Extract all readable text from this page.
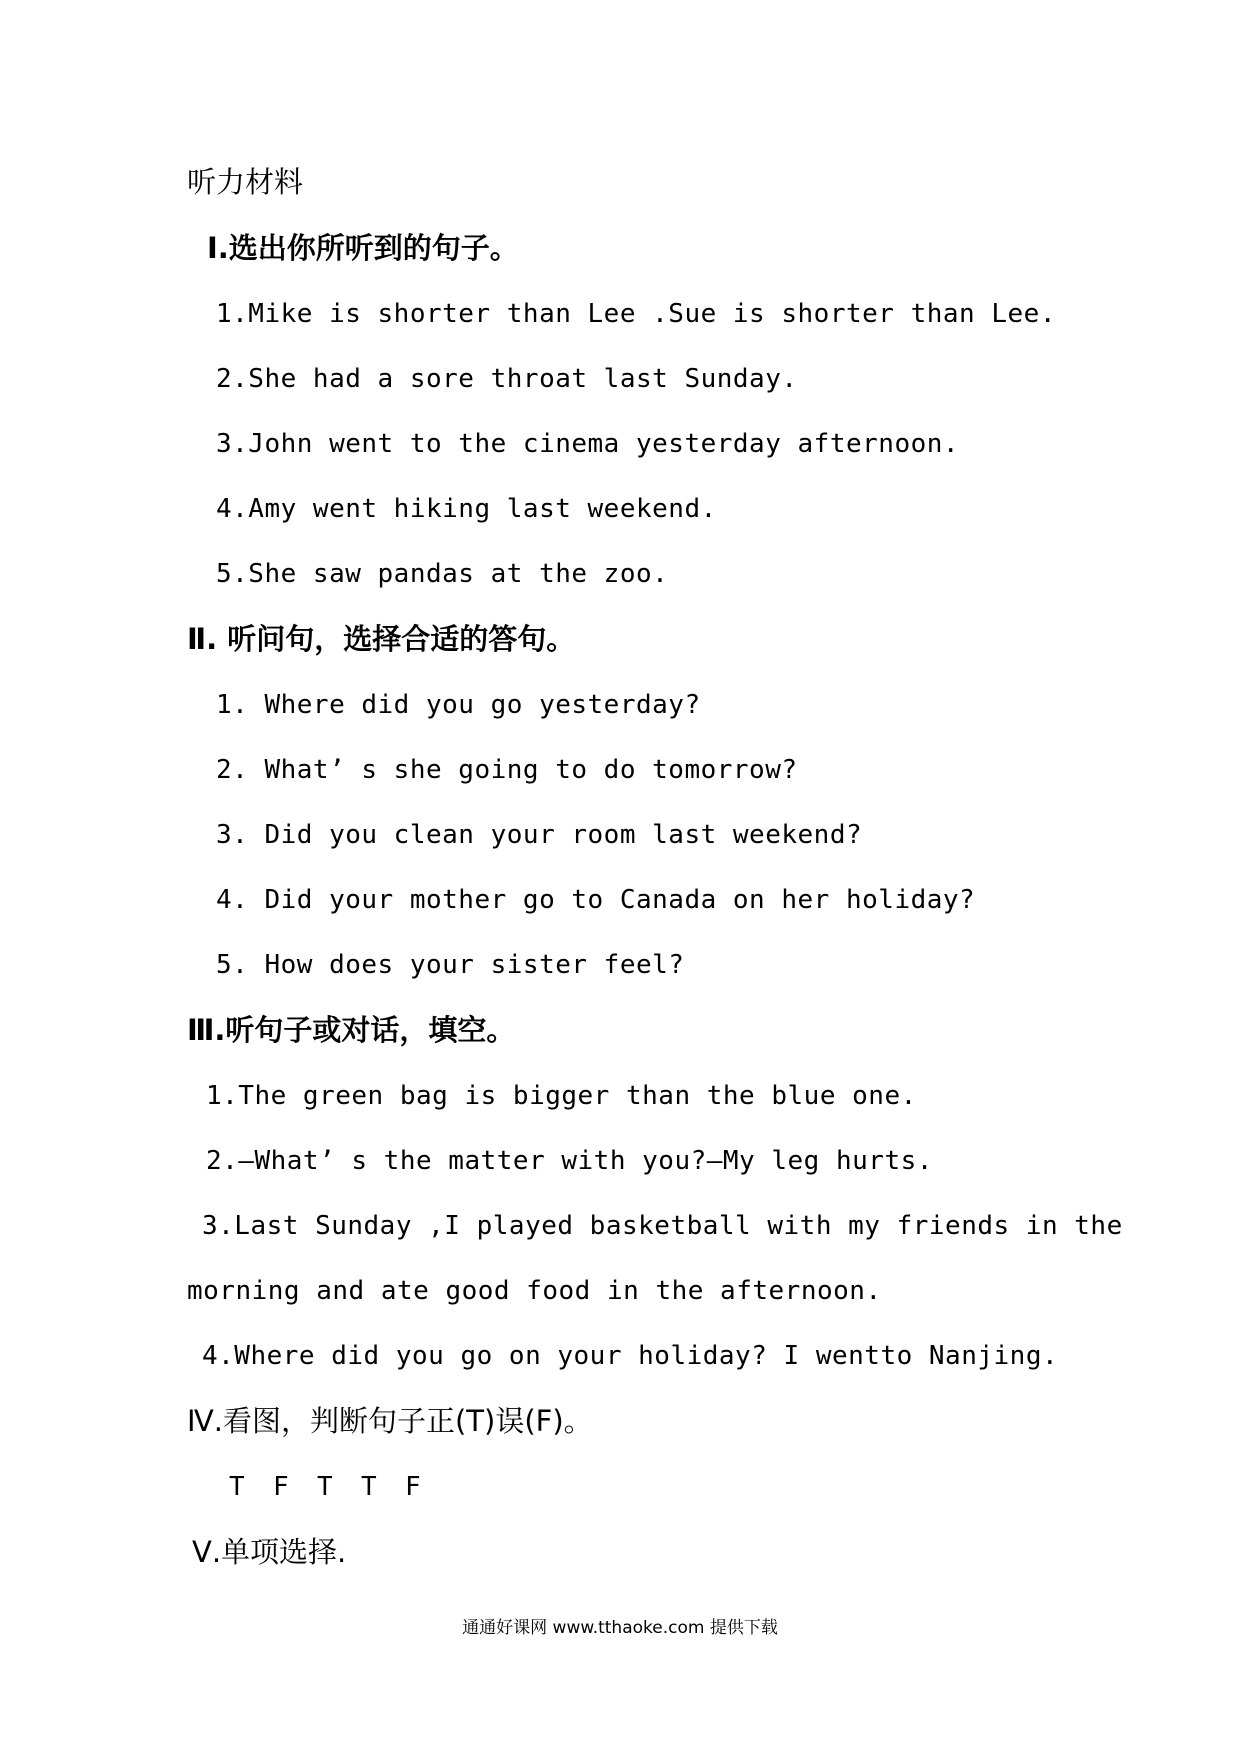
听力材料
Ⅰ.选出你所听到的句子。
1.Mike is shorter than Lee .Sue is shorter than Lee.
2.She had a sore throat last Sunday.
3.John went to the cinema yesterday afternoon.
4.Amy went hiking last weekend.
5.She saw pandas at the zoo.
Ⅱ. 听问句，选择合适的答句。
1. Where did you go yesterday?
2. What’ s she going to do tomorrow?
3. Did you clean your room last weekend?
4. Did your mother go to Canada on her holiday?
5. How does your sister feel?
Ⅲ.听句子或对话，填空。
1.The green bag is bigger than the blue one.
2.–What’ s the matter with you?—My leg hurts.
3.Last Sunday ,I played basketball with my friends in the
morning and ate good food in the afternoon.
4.Where did you go on your holiday? I wentto Nanjing.
Ⅳ.看图，判断句子正(T)误(F)。
T F T T F
Ⅴ.单项选择.
通通好课网 www.tthaoke.com 提供下载
